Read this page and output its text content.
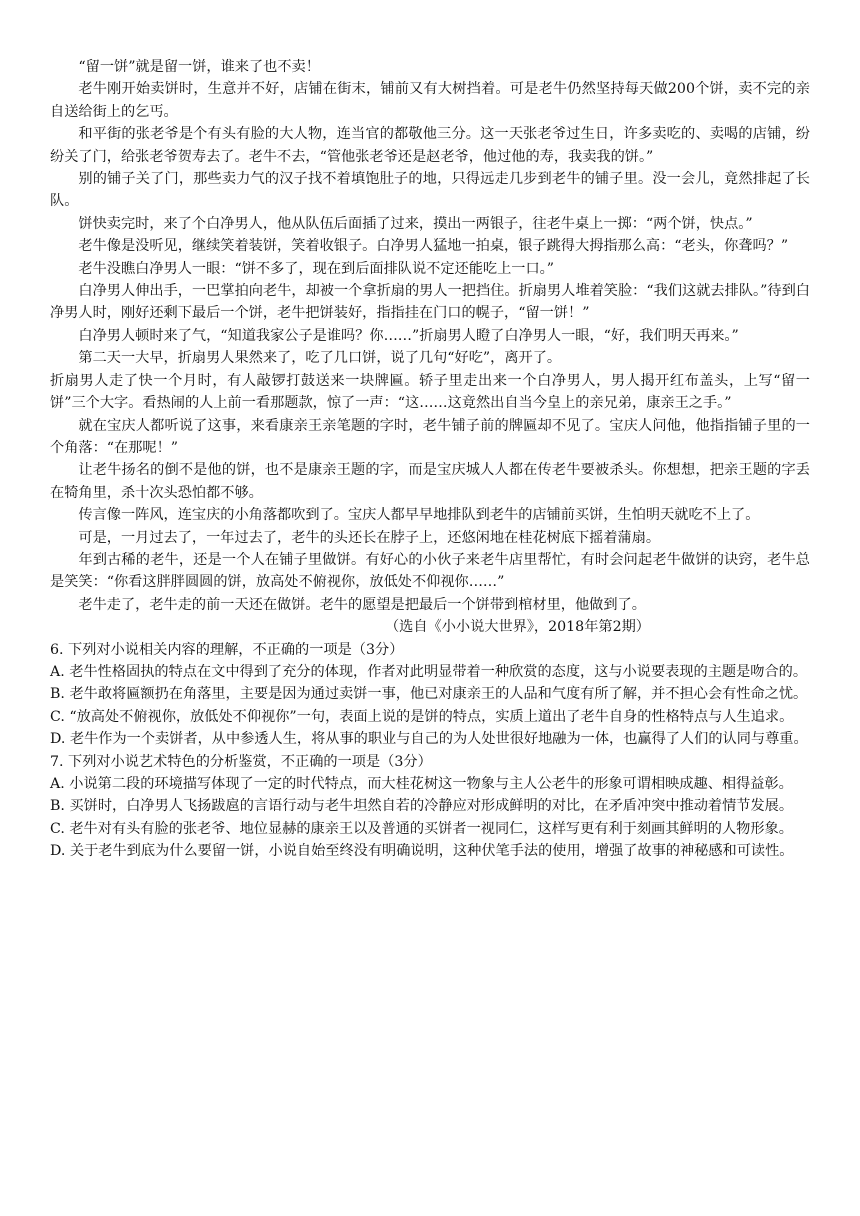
“留一饼”就是留一饼，谁来了也不卖！

老牛刚开始卖饼时，生意并不好，店铺在街末，铺前又有大树挡着。可是老牛仍然坚持每天做200个饼，卖不完的亲自送给街上的乞丐。

和平街的张老爷是个有头有脸的大人物，连当官的都敬他三分。这一天张老爷过生日，许多卖吃的、卖喝的店铺，纷纷关了门，给张老爷贺寿去了。老牛不去，“管他张老爷还是赵老爷，他过他的寿，我卖我的饼。”

别的铺子关了门，那些卖力气的汉子找不着填饱肚子的地，只得远走几步到老牛的铺子里。没一会儿，竟然排起了长队。

饼快卖完时，来了个白净男人，他从队伍后面插了过来，摸出一两银子，往老牛桌上一掷：“两个饼，快点。”

老牛像是没听见，继续笑着装饼，笑着收银子。白净男人猛地一拍桌，银子跳得大拇指那么高：“老头，你聋吗？”

老牛没瞧白净男人一眼：“饼不多了，现在到后面排队说不定还能吃上一口。”

白净男人伸出手，一巴掌拍向老牛，却被一个拿折扇的男人一把挡住。折扇男人堆着笑脸：“我们这就去排队。”待到白净男人时，刚好还剩下最后一个饼，老牛把饼装好，指指挂在门口的幌子，“留一饼！”

白净男人顿时来了气，“知道我家公子是谁吗？你……”折扇男人瞪了白净男人一眼，“好，我们明天再来。”

第二天一大早，折扇男人果然来了，吃了几口饼，说了几句“好吃”，离开了。

折扇男人走了快一个月时，有人敲锣打鼓送来一块牌匾。轿子里走出来一个白净男人，男人揭开红布盖头，上写“留一饼”三个大字。看热闹的人上前一看那题款，惊了一声：“这……这竟然出自当今皇上的亲兄弟，康亲王之手。”

就在宝庆人都听说了这事，来看康亲王亲笔题的字时，老牛铺子前的牌匾却不见了。宝庆人问他，他指指铺子里的一个角落：“在那呢！”

让老牛扬名的倒不是他的饼，也不是康亲王题的字，而是宝庆城人人都在传老牛要被杀头。你想想，把亲王题的字丢在犄角里，杀十次头恐怕都不够。

传言像一阵风，连宝庆的小角落都吹到了。宝庆人都早早地排队到老牛的店铺前买饼，生怕明天就吃不上了。

可是，一月过去了，一年过去了，老牛的头还长在脖子上，还悠闲地在桂花树底下摇着蒲扇。

年到古稀的老牛，还是一个人在铺子里做饼。有好心的小伙子来老牛店里帮忙，有时会问起老牛做饼的诀窍，老牛总是笑笑：“你看这胖胖圆圆的饼，放高处不俯视你，放低处不仰视你……”

老牛走了，老牛走的前一天还在做饼。老牛的愿望是把最后一个饼带到棺材里，他做到了。

（选自《小小说大世界》，2018年第2期）

6. 下列对小说相关内容的理解，不正确的一项是（3分）

A. 老牛性格固执的特点在文中得到了充分的体现，作者对此明显带着一种欣赏的态度，这与小说要表现的主题是吻合的。

B. 老牛敢将匾额扔在角落里，主要是因为通过卖饼一事，他已对康亲王的人品和气度有所了解，并不担心会有性命之忧。

C. “放高处不俯视你，放低处不仰视你”一句，表面上说的是饼的特点，实质上道出了老牛自身的性格特点与人生追求。

D. 老牛作为一个卖饼者，从中参透人生，将从事的职业与自己的为人处世很好地融为一体，也赢得了人们的认同与尊重。

7. 下列对小说艺术特色的分析鉴赏，不正确的一项是（3分）

A. 小说第二段的环境描写体现了一定的时代特点，而大桂花树这一物象与主人公老牛的形象可谓相映成趣、相得益彰。

B. 买饼时，白净男人飞扬跋扈的言语行动与老牛坦然自若的冷静应对形成鲜明的对比，在矛盾冲突中推动着情节发展。

C. 老牛对有头有脸的张老爷、地位显赫的康亲王以及普通的买饼者一视同仁，这样写更有利于刻画其鲜明的人物形象。

D. 关于老牛到底为什么要留一饼，小说自始至终没有明确说明，这种伏笔手法的使用，增强了故事的神秘感和可读性。
